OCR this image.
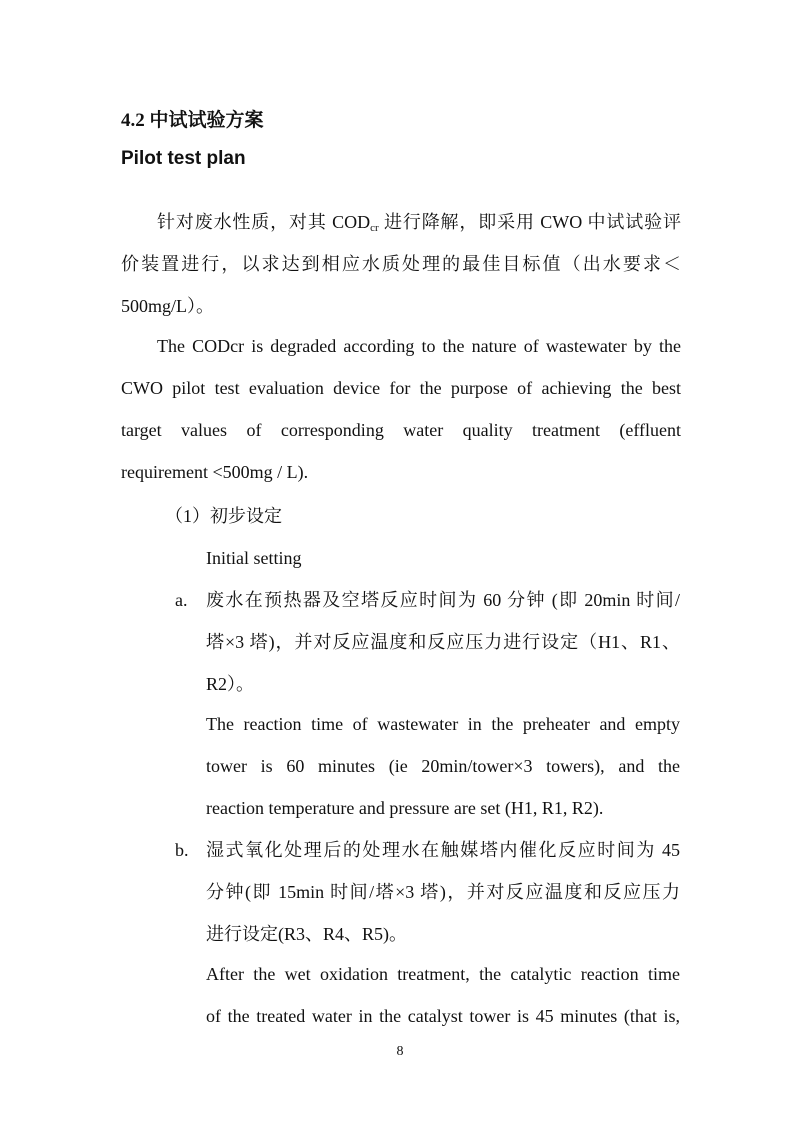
4.2 中试试验方案
Pilot test plan
针对废水性质，对其 $COD_{cr}$ 进行降解，即采用 CWO 中试试验评
价装置进行，以求达到相应水质处理的最佳目标值（出水要求＜
500mg/L）。
The CODcr is degraded according to the nature of wastewater by the
CWO pilot test evaluation device for the purpose of achieving the best
target values of corresponding water quality treatment (effluent
requirement <500mg / L).
（1）初步设定
Initial setting
a. 废水在预热器及空塔反应时间为 60 分钟 (即 20min 时间/
塔×3 塔)，并对反应温度和反应压力进行设定（H1、R1、
R2）。
The reaction time of wastewater in the preheater and empty
tower is 60 minutes (ie 20min/tower×3 towers), and the
reaction temperature and pressure are set (H1, R1, R2).
b. 湿式氧化处理后的处理水在触媒塔内催化反应时间为 45
分钟(即 15min 时间/塔×3 塔)，并对反应温度和反应压力
进行设定(R3、R4、R5)。
After the wet oxidation treatment, the catalytic reaction time
of the treated water in the catalyst tower is 45 minutes (that is,
8
